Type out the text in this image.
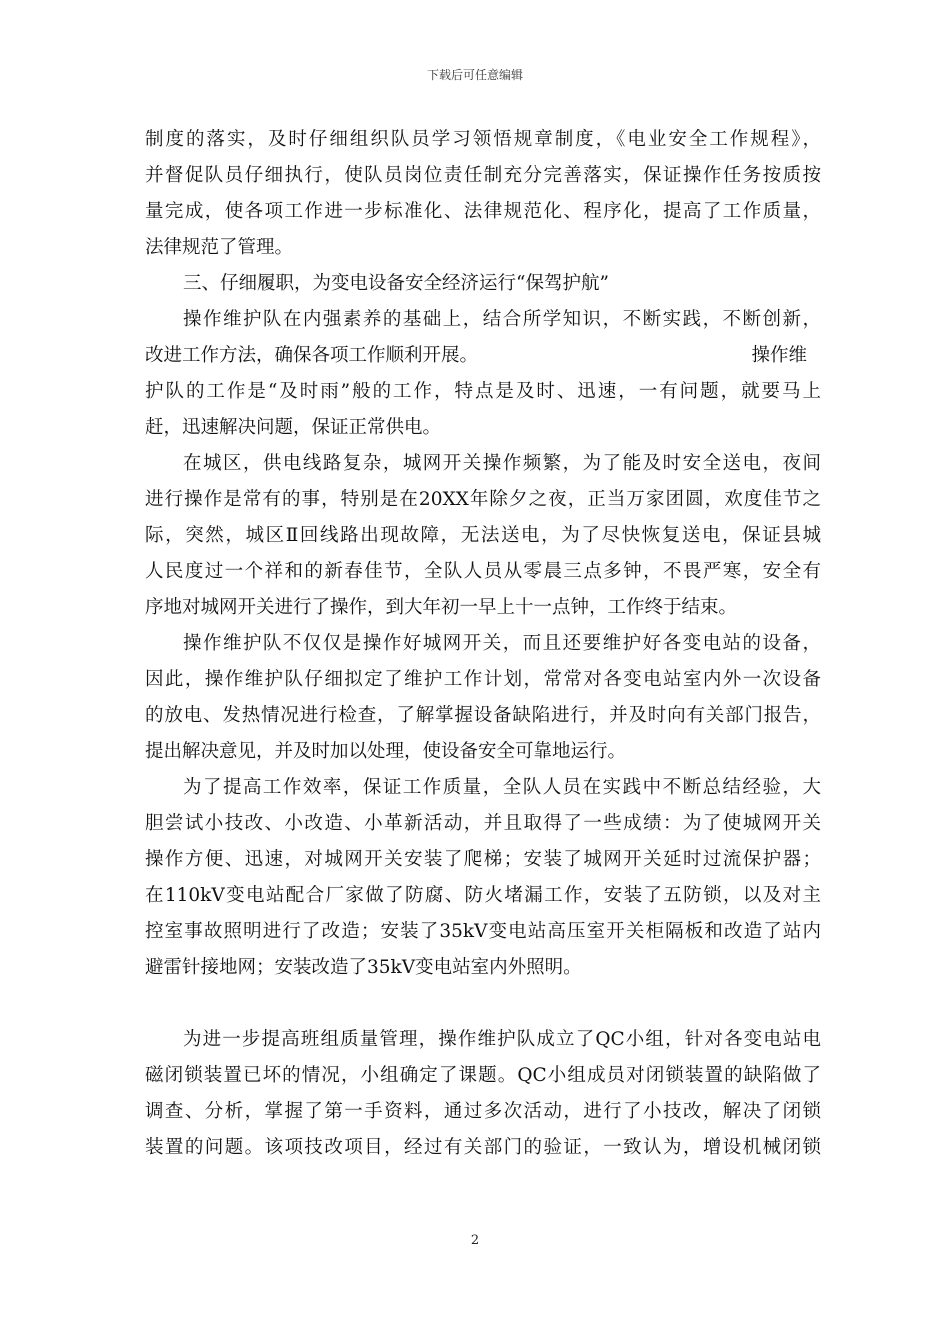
下载后可任意编辑
制度的落实，及时仔细组织队员学习领悟规章制度，《电业安全工作规程》，
并督促队员仔细执行，使队员岗位责任制充分完善落实，保证操作任务按质按
量完成，使各项工作进一步标准化、法律规范化、程序化，提高了工作质量，
法律规范了管理。
三、仔细履职，为变电设备安全经济运行“保驾护航”
操作维护队在内强素养的基础上，结合所学知识，不断实践，不断创新，
改进工作方法，确保各项工作顺利开展。	操作维
护队的工作是“及时雨”般的工作，特点是及时、迅速，一有问题，就要马上
赶，迅速解决问题，保证正常供电。
在城区，供电线路复杂，城网开关操作频繁，为了能及时安全送电，夜间
进行操作是常有的事，特别是在20XX年除夕之夜，正当万家团圆，欢度佳节之
际，突然，城区Ⅱ回线路出现故障，无法送电，为了尽快恢复送电，保证县城
人民度过一个祥和的新春佳节，全队人员从零晨三点多钟，不畏严寒，安全有
序地对城网开关进行了操作，到大年初一早上十一点钟，工作终于结束。
操作维护队不仅仅是操作好城网开关，而且还要维护好各变电站的设备，
因此，操作维护队仔细拟定了维护工作计划，常常对各变电站室内外一次设备
的放电、发热情况进行检查，了解掌握设备缺陷进行，并及时向有关部门报告，
提出解决意见，并及时加以处理，使设备安全可靠地运行。
为了提高工作效率，保证工作质量，全队人员在实践中不断总结经验，大
胆尝试小技改、小改造、小革新活动，并且取得了一些成绩：为了使城网开关
操作方便、迅速，对城网开关安装了爬梯；安装了城网开关延时过流保护器；
在110kV变电站配合厂家做了防腐、防火堵漏工作，安装了五防锁，以及对主
控室事故照明进行了改造；安装了35kV变电站高压室开关柜隔板和改造了站内
避雷针接地网；安装改造了35kV变电站室内外照明。
为进一步提高班组质量管理，操作维护队成立了QC小组，针对各变电站电
磁闭锁装置已坏的情况，小组确定了课题。QC小组成员对闭锁装置的缺陷做了
调查、分析，掌握了第一手资料，通过多次活动，进行了小技改，解决了闭锁
装置的问题。该项技改项目，经过有关部门的验证，一致认为，增设机械闭锁
2
